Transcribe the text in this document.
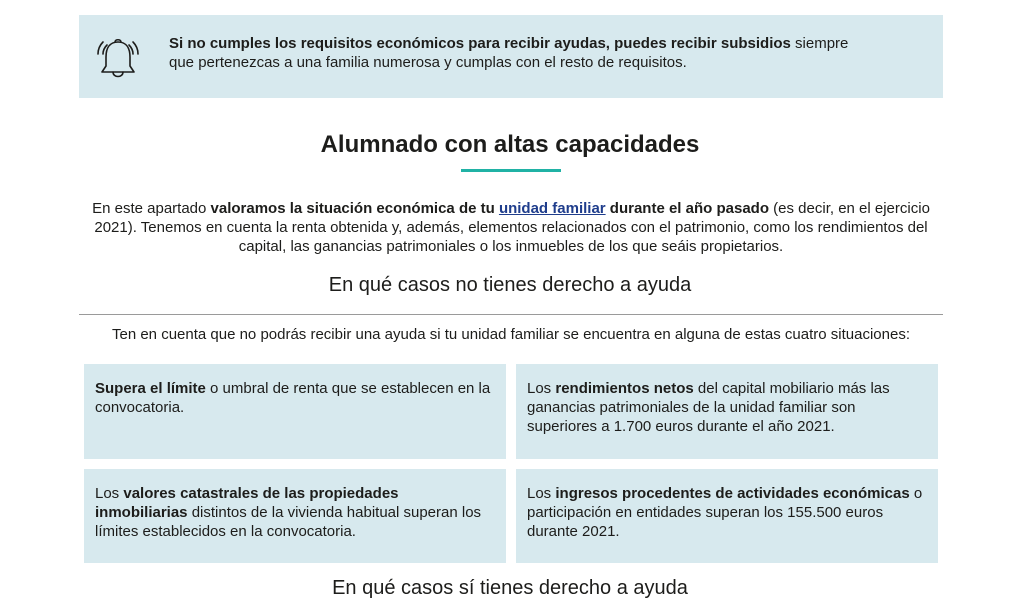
Si no cumples los requisitos económicos para recibir ayudas, puedes recibir subsidios siempre que pertenezcas a una familia numerosa y cumplas con el resto de requisitos.
Alumnado con altas capacidades
En este apartado valoramos la situación económica de tu unidad familiar durante el año pasado (es decir, en el ejercicio 2021). Tenemos en cuenta la renta obtenida y, además, elementos relacionados con el patrimonio, como los rendimientos del capital, las ganancias patrimoniales o los inmuebles de los que seáis propietarios.
En qué casos no tienes derecho a ayuda
Ten en cuenta que no podrás recibir una ayuda si tu unidad familiar se encuentra en alguna de estas cuatro situaciones:
Supera el límite o umbral de renta que se establecen en la convocatoria.
Los rendimientos netos del capital mobiliario más las ganancias patrimoniales de la unidad familiar son superiores a 1.700 euros durante el año 2021.
Los valores catastrales de las propiedades inmobiliarias distintos de la vivienda habitual superan los límites establecidos en la convocatoria.
Los ingresos procedentes de actividades económicas o participación en entidades superan los 155.500 euros durante 2021.
En qué casos sí tienes derecho a ayuda
